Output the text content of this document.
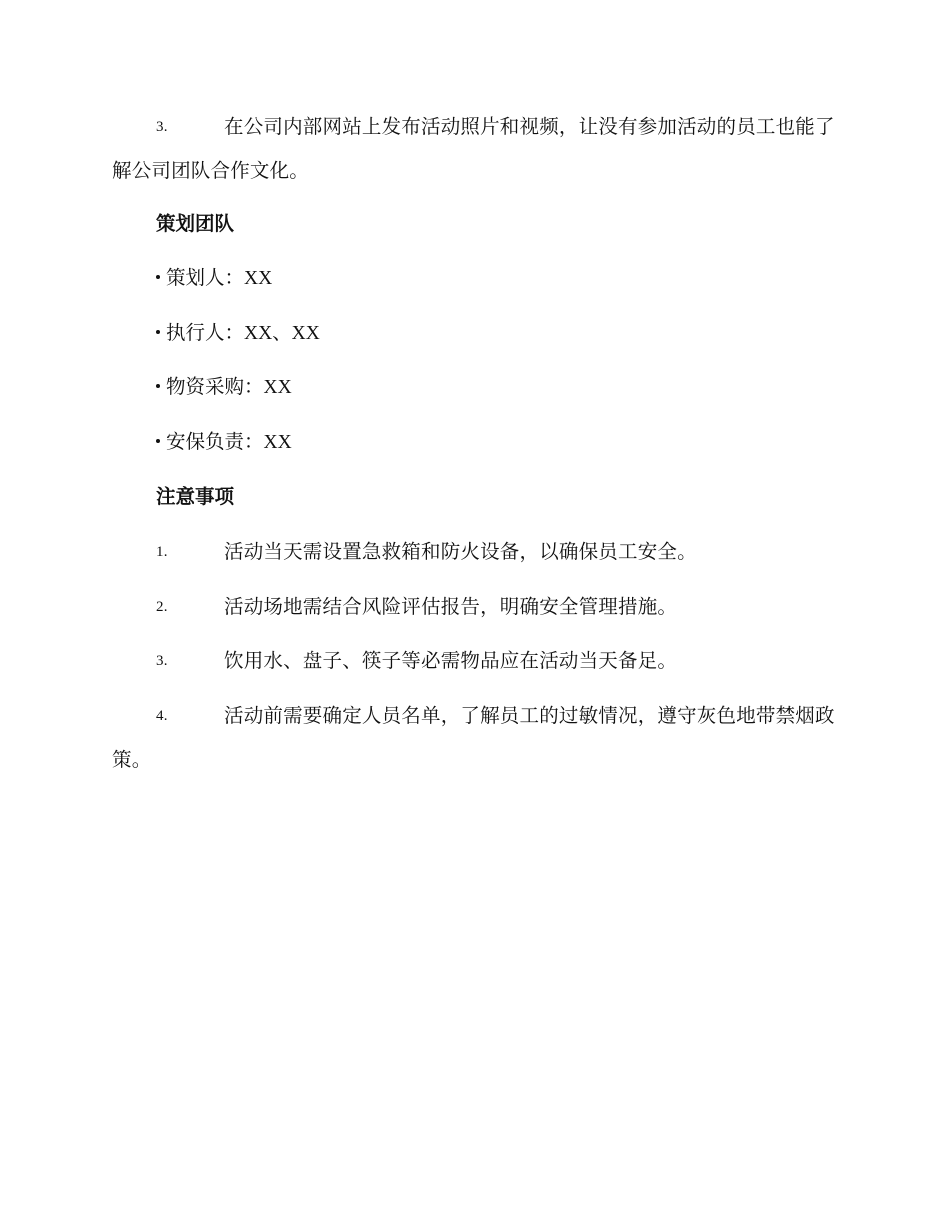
3.	在公司内部网站上发布活动照片和视频，让没有参加活动的员工也能了解公司团队合作文化。
策划团队
策划人：XX
执行人：XX、XX
物资采购：XX
安保负责：XX
注意事项
1.	活动当天需设置急救箱和防火设备，以确保员工安全。
2.	活动场地需结合风险评估报告，明确安全管理措施。
3.	饮用水、盘子、筷子等必需物品应在活动当天备足。
4.	活动前需要确定人员名单，了解员工的过敏情况，遵守灰色地带禁烟政策。
